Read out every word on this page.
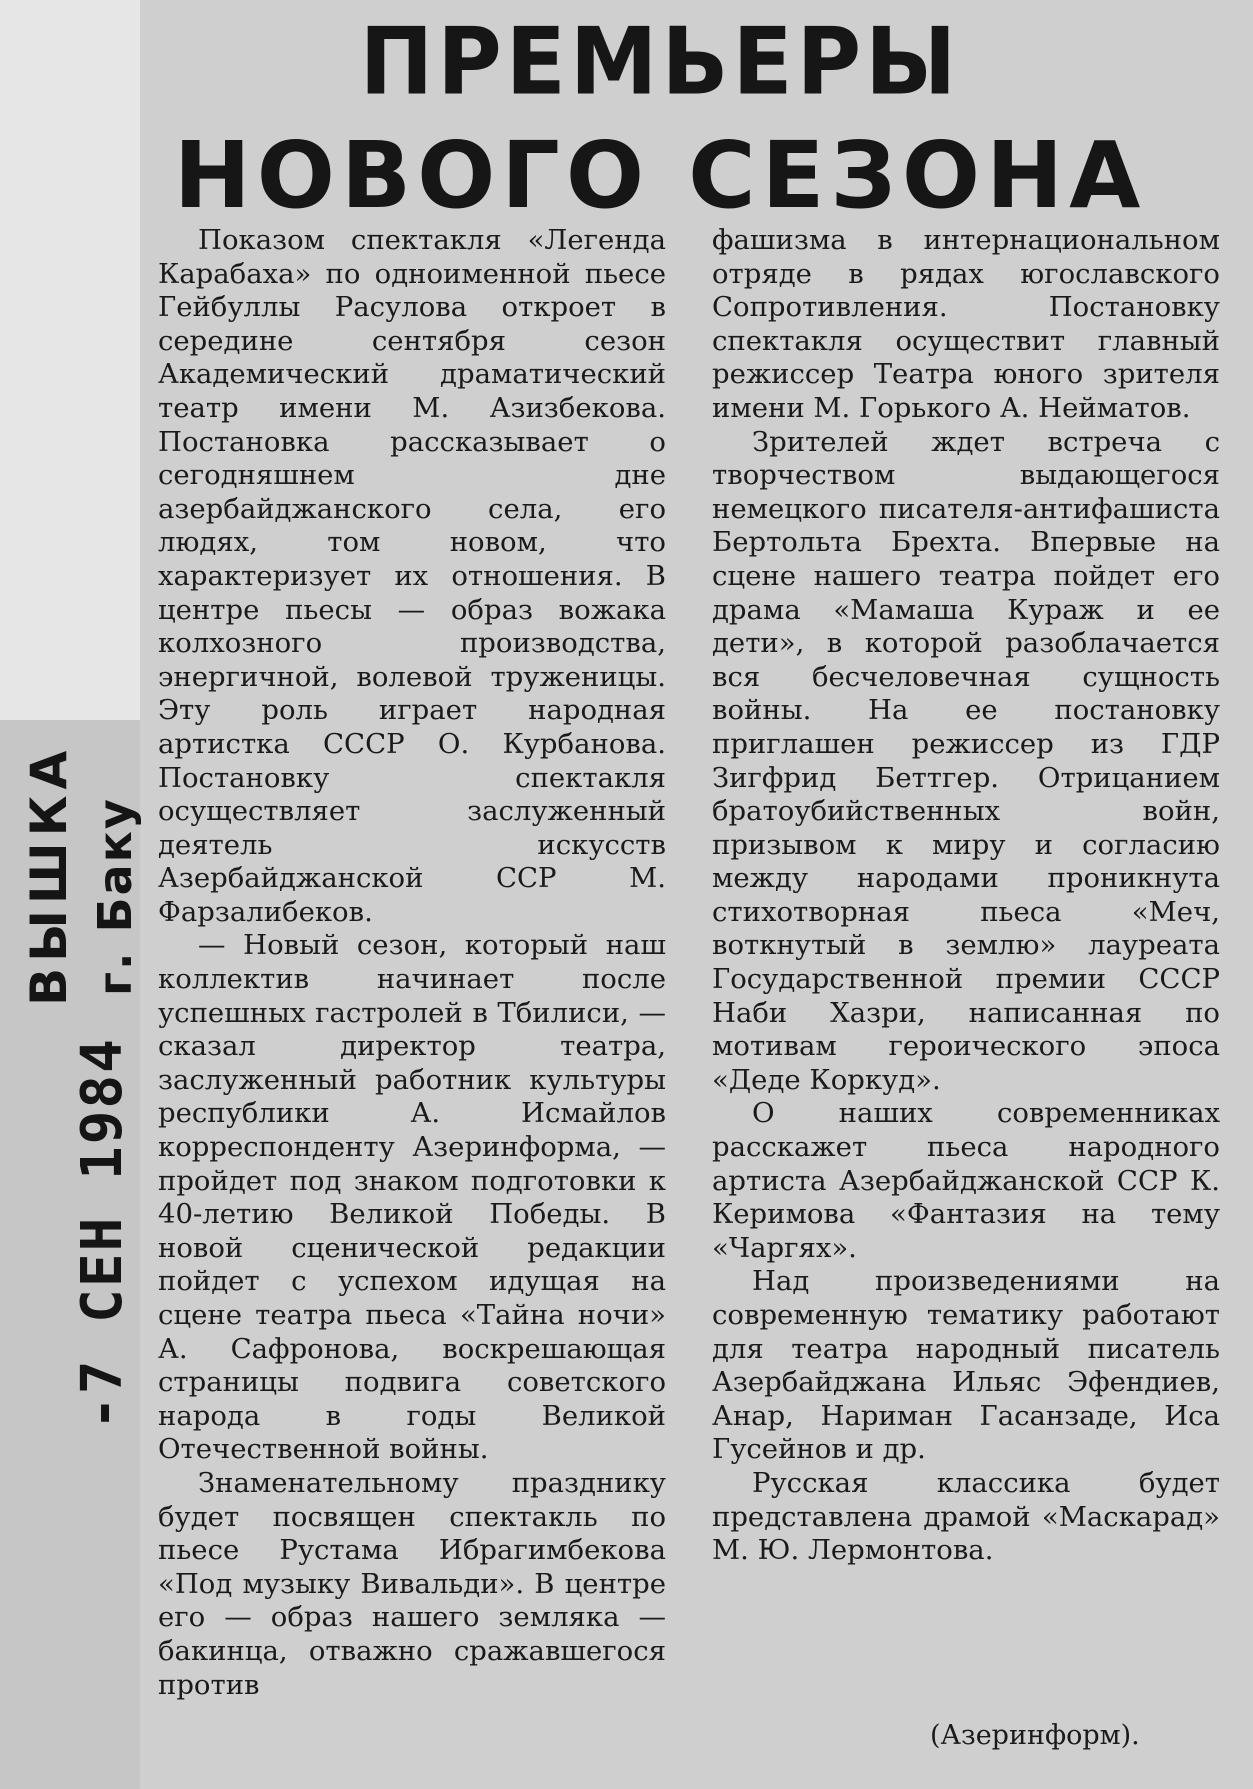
ВЫШКА г. Баку
-7 СЕН 1984
ПРЕМЬЕРЫ
НОВОГО СЕЗОНА

Показом спектакля «Легенда Карабаха» по одноименной пьесе Гейбуллы Расулова откроет в середине сентября сезон Академический драматический театр имени М. Азизбекова. Постановка рассказывает о сегодняшнем дне азербайджанского села, его людях, том новом, что характеризует их отношения. В центре пьесы — образ вожака колхозного производства, энергичной, волевой труженицы. Эту роль играет народная артистка СССР О. Курбанова. Постановку спектакля осуществляет заслуженный деятель искусств Азербайджанской ССР М. Фарзалибеков.

— Новый сезон, который наш коллектив начинает после успешных гастролей в Тбилиси, — сказал директор театра, заслуженный работник культуры республики А. Исмайлов корреспонденту Азеринформа, — пройдет под знаком подготовки к 40-летию Великой Победы. В новой сценической редакции пойдет с успехом идущая на сцене театра пьеса «Тайна ночи» А. Сафронова, воскрешающая страницы подвига советского народа в годы Великой Отечественной войны.

Знаменательному празднику будет посвящен спектакль по пьесе Рустама Ибрагимбекова «Под музыку Вивальди». В центре его — образ нашего земляка — бакинца, отважно сражавшегося против

фашизма в интернациональном отряде в рядах югославского Сопротивления. Постановку спектакля осуществит главный режиссер Театра юного зрителя имени М. Горького А. Нейматов.

Зрителей ждет встреча с творчеством выдающегося немецкого писателя-антифашиста Бертольта Брехта. Впервые на сцене нашего театра пойдет его драма «Мамаша Кураж и ее дети», в которой разоблачается вся бесчеловечная сущность войны. На ее постановку приглашен режиссер из ГДР Зигфрид Беттгер. Отрицанием братоубийственных войн, призывом к миру и согласию между народами проникнута стихотворная пьеса «Меч, воткнутый в землю» лауреата Государственной премии СССР Наби Хазри, написанная по мотивам героического эпоса «Деде Коркуд».

О наших современниках расскажет пьеса народного артиста Азербайджанской ССР К. Керимова «Фантазия на тему «Чаргях».

Над произведениями на современную тематику работают для театра народный писатель Азербайджана Ильяс Эфендиев, Анар, Нариман Гасанзаде, Иса Гусейнов и др.

Русская классика будет представлена драмой «Маскарад» М. Ю. Лермонтова.

(Азеринформ).
